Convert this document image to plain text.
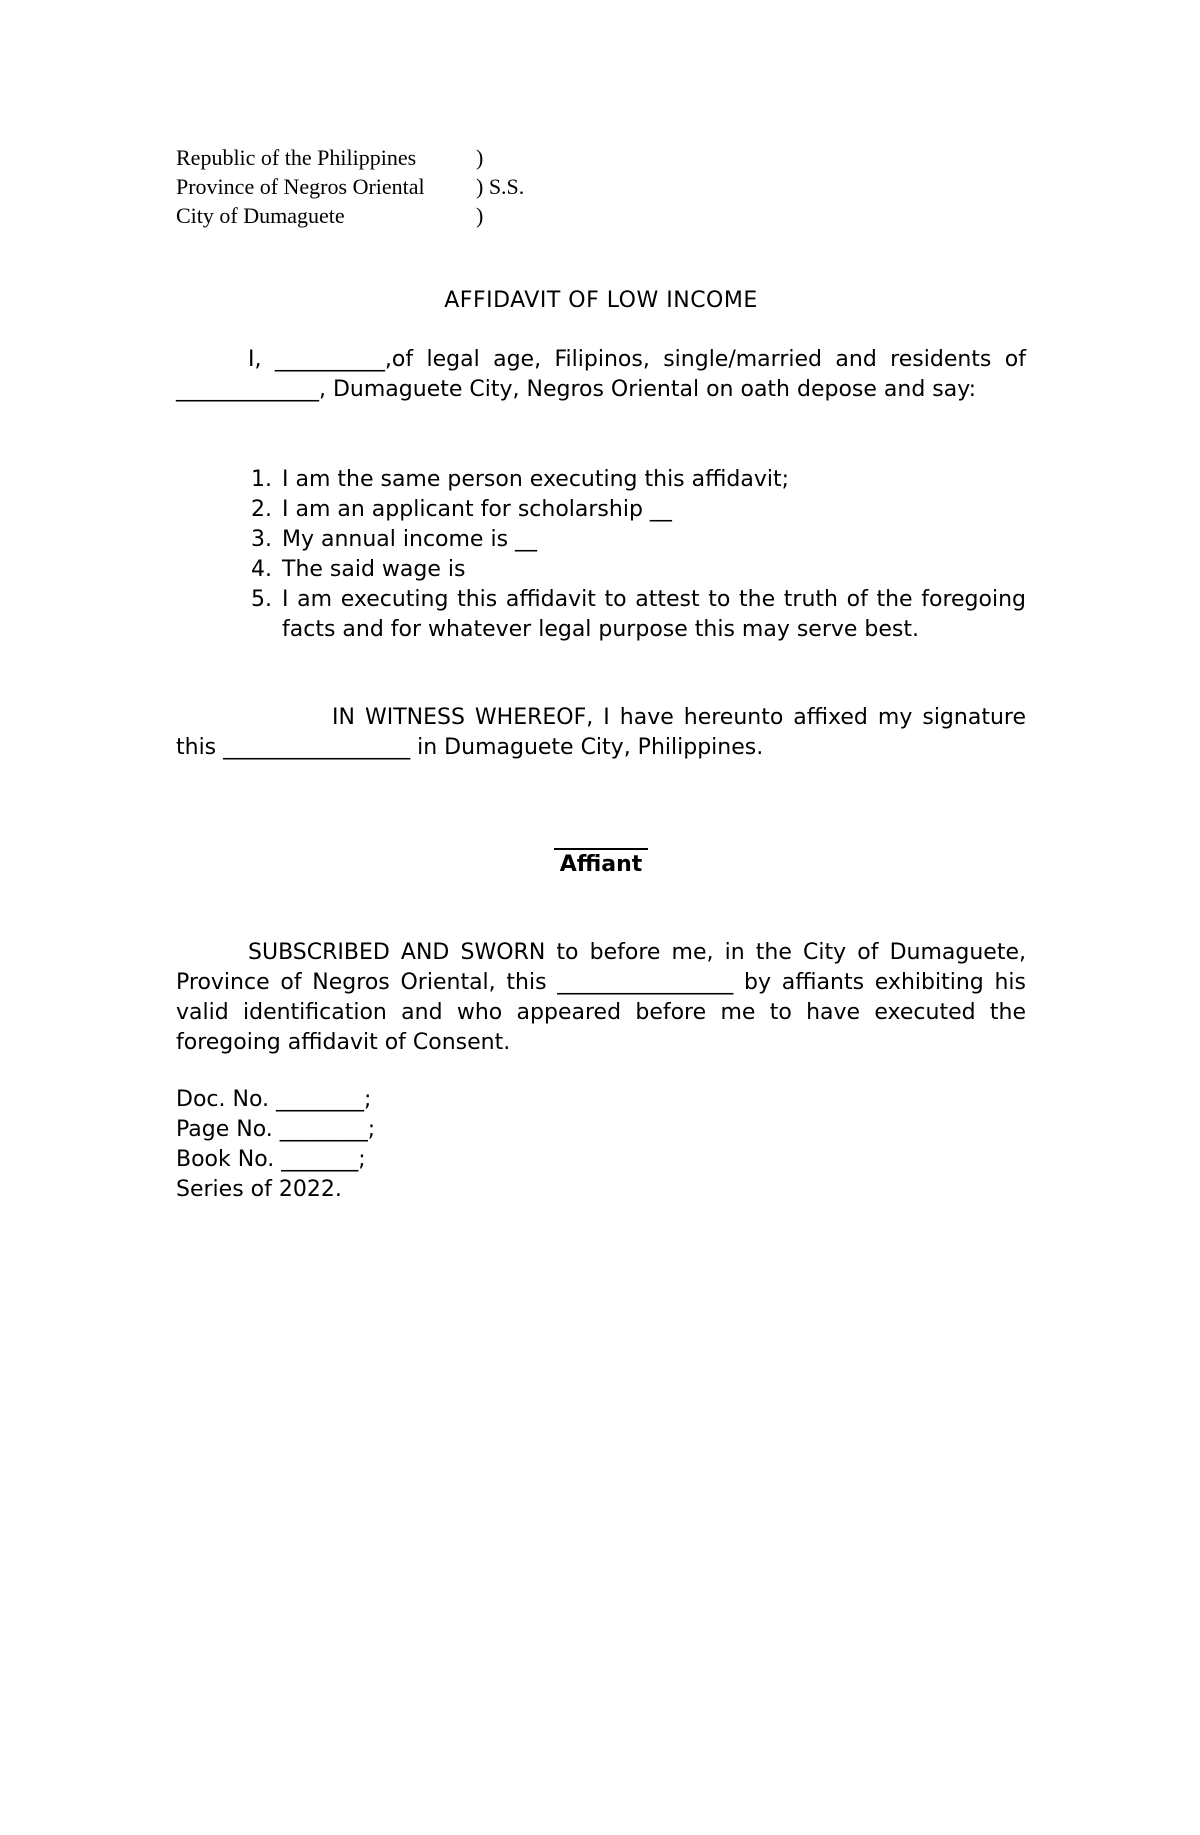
Republic of the Philippines	)
Province of Negros Oriental	) S.S.
City of Dumaguete	)
AFFIDAVIT OF LOW INCOME
I, __________,of legal age, Filipinos, single/married and residents of _____________, Dumaguete City, Negros Oriental on oath depose and say:
1. I am the same person executing this affidavit;
2. I am an applicant for scholarship __
3. My annual income is __
4. The said wage is
5. I am executing this affidavit to attest to the truth of the foregoing facts and for whatever legal purpose this may serve best.
IN WITNESS WHEREOF, I have hereunto affixed my signature this _________________ in Dumaguete City, Philippines.
Affiant
SUBSCRIBED AND SWORN to before me, in the City of Dumaguete, Province of Negros Oriental, this ________________ by affiants exhibiting his valid identification and who appeared before me to have executed the foregoing affidavit of Consent.
Doc. No. ________;
Page No. ________;
Book No. _______;
Series of 2022.
